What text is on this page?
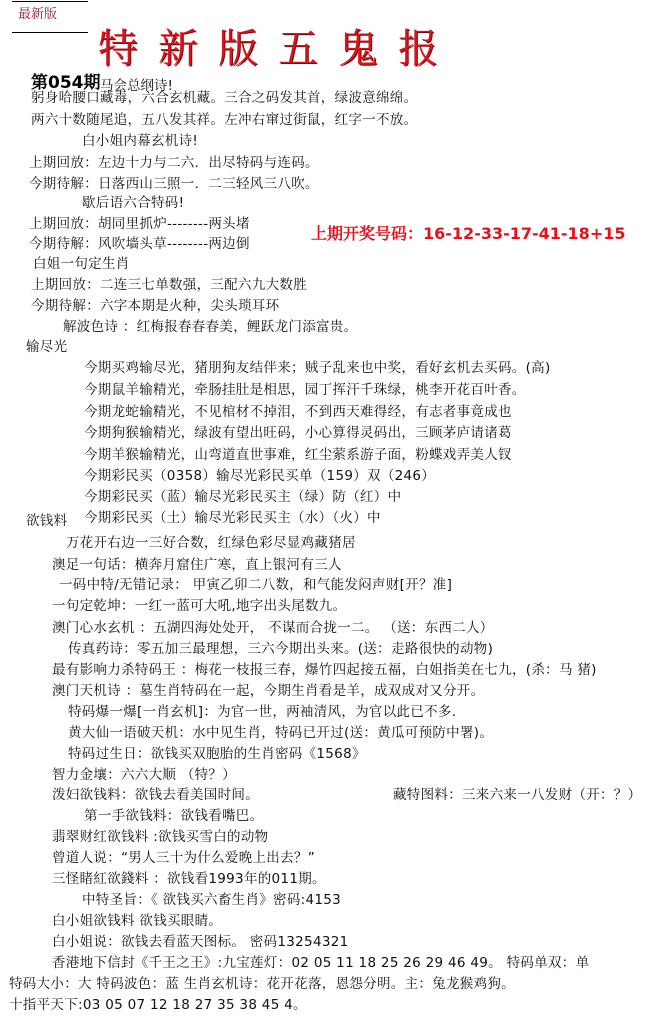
最新版
特新版五鬼报
第054期 马会总纲诗!
上期开奖号码：16-12-33-17-41-18+15
躬身哈腰口藏毒，六合玄机藏。三合之码发其首，绿波意绵绵。
两六十数随尾追，五八发其祥。左冲右窜过街鼠，红字一不放。
白小姐内幕玄机诗!
上期回放：左边十力与二六．出尽特码与连码。
今期待解：日落西山三照一．二三轻风三八吹。
歇后语六合特码!
上期回放：胡同里抓炉--------两头堵
今期待解：风吹墙头草--------两边倒
白姐一句定生肖
上期回放：二连三七单数强，三配六九大数胜
今期待解：六字本期是火种，尖头琐耳环
解波色诗 ：红梅报春春春美，鲤跃龙门添富贵。
输尽光
今期买鸡输尽光，猪朋狗友结伴来；贼子乱来也中奖，看好玄机去买码。(高)
今期鼠羊输精光，牵肠挂肚是相思，园丁挥汗千珠绿，桃李开花百叶香。
今期龙蛇输精光，不见棺材不掉泪，不到西天难得经，有志者事竟成也
今期狗猴输精光，绿波有望出旺码，小心算得灵码出，三顾茅庐请诸葛
今期羊猴输精光，山弯道直世事难，红尘萦系游子面，粉蝶戏弄美人钗
今期彩民买（0358）输尽光彩民买单（159）双（246）
今期彩民买（蓝）输尽光彩民买主（绿）防（红）中
今期彩民买（土）输尽光彩民买主（水）（火）中
欲钱料
万花开右边一三好合数，红绿色彩尽显鸡藏猪居
澳足一句话：横奔月窟住广寒，直上银河有三人
一码中特/无错记录： 甲寅乙卯二八数，和气能发闷声财[开？准]
一句定乾坤：一红一蓝可大吼,地字出头尾数九。
澳门心水玄机 ：五湖四海处处开， 不谋而合拢一二。 （送：东西二人）
传真药诗：零五加三最理想，三六今期出头来。(送：走路很快的动物)
最有影响力杀特码王 ：梅花一枝报三春，爆竹四起接五福，白姐指美在七九，(杀：马 猪)
澳门天机诗 ：墓生肖特码在一起，今期生肖看是羊，成双成对又分开。
特码爆一爆[一肖玄机]：为官一世，两袖清风，为官以此已不多.
黄大仙一语破天机：水中见生肖，特码已开过(送：黄瓜可预防中署)。
特码过生日：欲钱买双胞胎的生肖密码《1568》
智力金壤：六六大顺 （特？）
泼妇欲钱料：欲钱去看美国时间。	藏特图料：三来六来一八发财（开：？）
第一手欲钱料：欲钱看嘴巴。
翡翠财红欲钱料 :欲钱买雪白的动物
曾道人说：“男人三十为什么爱晚上出去？”
三怪睹紅欲錢料 ：欲钱看1993年的011期。
中特圣旨：《 欲钱买六畜生肖》密码:4153
白小姐欲钱料 欲钱买眼睛。
白小姐说：欲钱去看蓝天图标。 密码13254321
香港地下信封《千王之王》:九宝莲灯：02 05 11 18 25 26 29 46 49。 特码单双：单
特码大小：大 特码波色：蓝 生肖玄机诗：花开花落，恩怨分明。主：兔龙猴鸡狗。
十指平天下:03 05 07 12 18 27 35 38 45 4。
